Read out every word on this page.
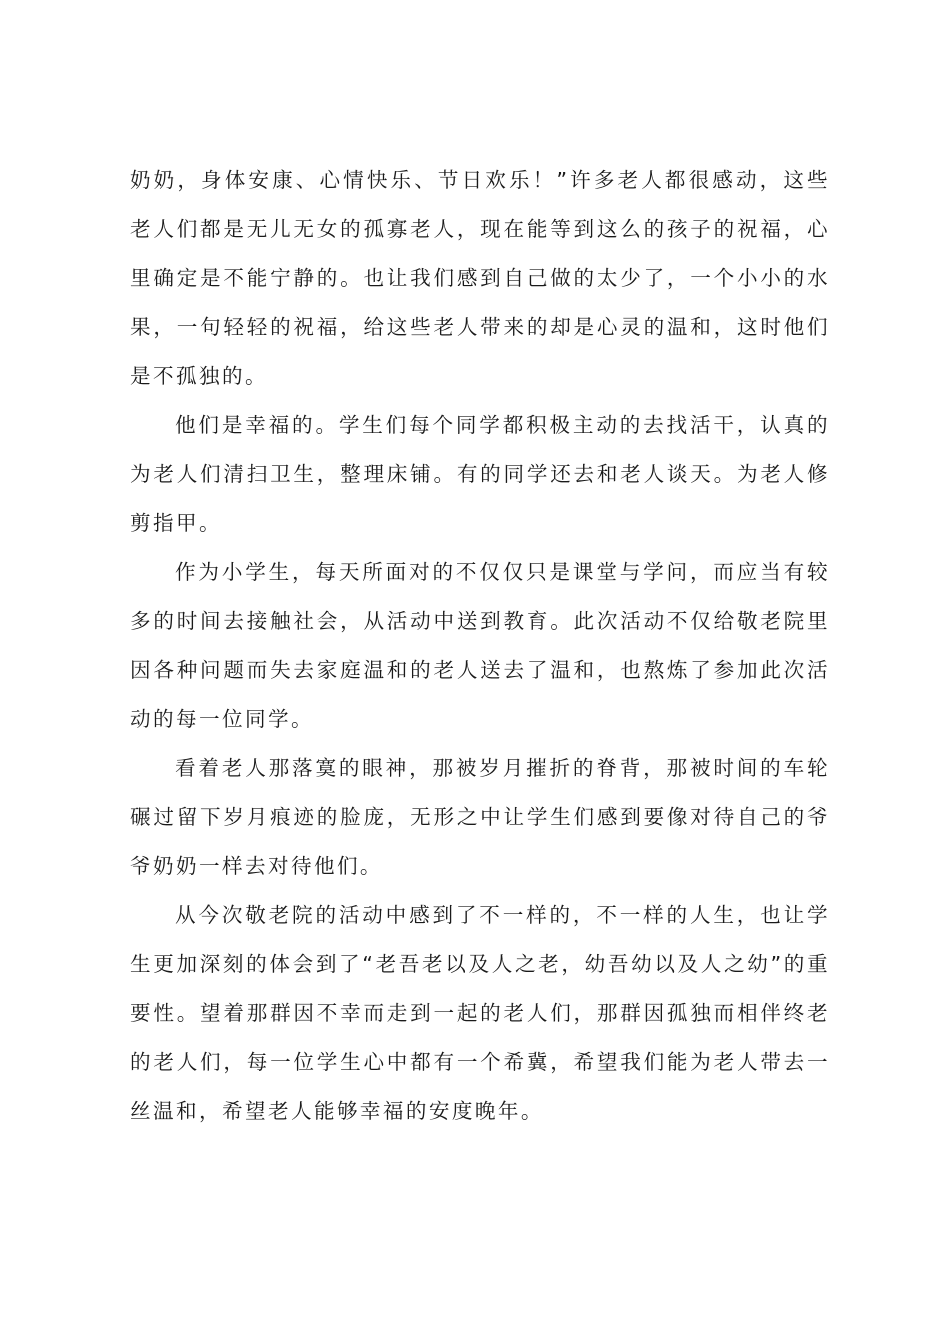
奶奶，身体安康、心情快乐、节日欢乐！”许多老人都很感动，这些老人们都是无儿无女的孤寡老人，现在能等到这么的孩子的祝福，心里确定是不能宁静的。也让我们感到自己做的太少了，一个小小的水果，一句轻轻的祝福，给这些老人带来的却是心灵的温和，这时他们是不孤独的。

他们是幸福的。学生们每个同学都积极主动的去找活干，认真的为老人们清扫卫生，整理床铺。有的同学还去和老人谈天。为老人修剪指甲。

作为小学生，每天所面对的不仅仅只是课堂与学问，而应当有较多的时间去接触社会，从活动中送到教育。此次活动不仅给敬老院里因各种问题而失去家庭温和的老人送去了温和，也熬炼了参加此次活动的每一位同学。

看着老人那落寞的眼神，那被岁月摧折的脊背，那被时间的车轮碾过留下岁月痕迹的脸庞，无形之中让学生们感到要像对待自己的爷爷奶奶一样去对待他们。

从今次敬老院的活动中感到了不一样的，不一样的人生，也让学生更加深刻的体会到了“老吾老以及人之老，幼吾幼以及人之幼”的重要性。望着那群因不幸而走到一起的老人们，那群因孤独而相伴终老的老人们，每一位学生心中都有一个希冀，希望我们能为老人带去一丝温和，希望老人能够幸福的安度晚年。
